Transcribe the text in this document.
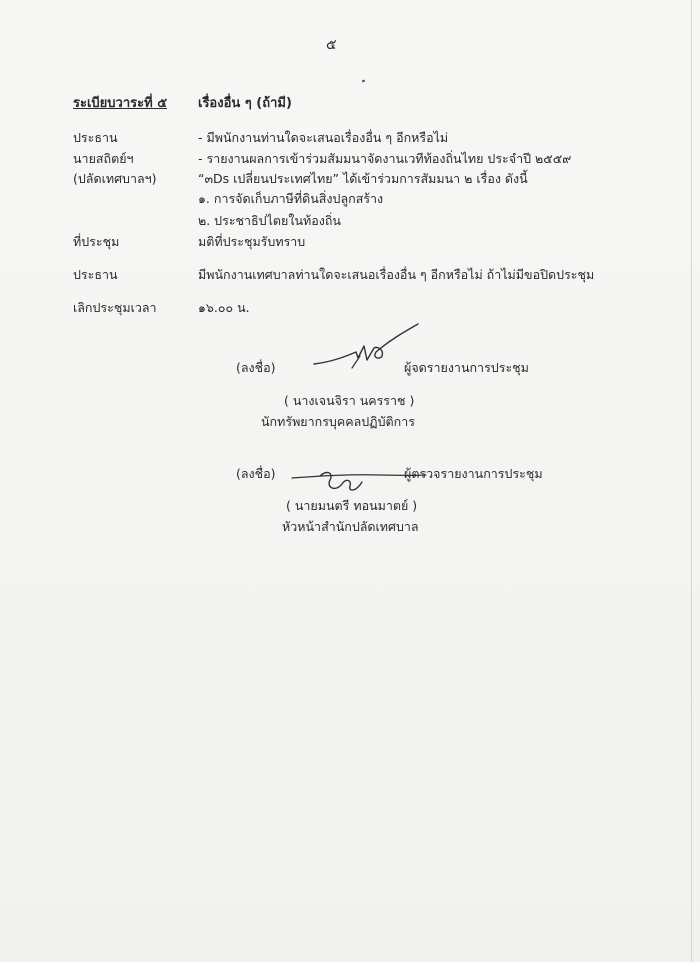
๕
ระเบียบวาระที่ ๕ เรื่องอื่น ๆ (ถ้ามี)
ประธาน	- มีพนักงานท่านใดจะเสนอเรื่องอื่น ๆ อีกหรือไม่
นายสถิตย์ฯ	- รายงานผลการเข้าร่วมสัมมนาจัดงานเวทีท้องถิ่นไทย ประจำปี ๒๕๕๙
(ปลัดเทศบาลฯ)	“๓Ds เปลี่ยนประเทศไทย” ได้เข้าร่วมการสัมมนา ๒ เรื่อง ดังนี้
๑. การจัดเก็บภาษีที่ดินสิ่งปลูกสร้าง
๒. ประชาธิปไตยในท้องถิ่น
ที่ประชุม	มติที่ประชุมรับทราบ
ประธาน	มีพนักงานเทศบาลท่านใดจะเสนอเรื่องอื่น ๆ อีกหรือไม่ ถ้าไม่มีขอปิดประชุม
เลิกประชุมเวลา	๑๖.๐๐ น.
(ลงชื่อ)	ผู้จดรายงานการประชุม
( นางเจนจิรา นครราช )
นักทรัพยากรบุคคลปฏิบัติการ
(ลงชื่อ)	ผู้ตรวจรายงานการประชุม
( นายมนตรี ทอนมาตย์ )
หัวหน้าสำนักปลัดเทศบาล
